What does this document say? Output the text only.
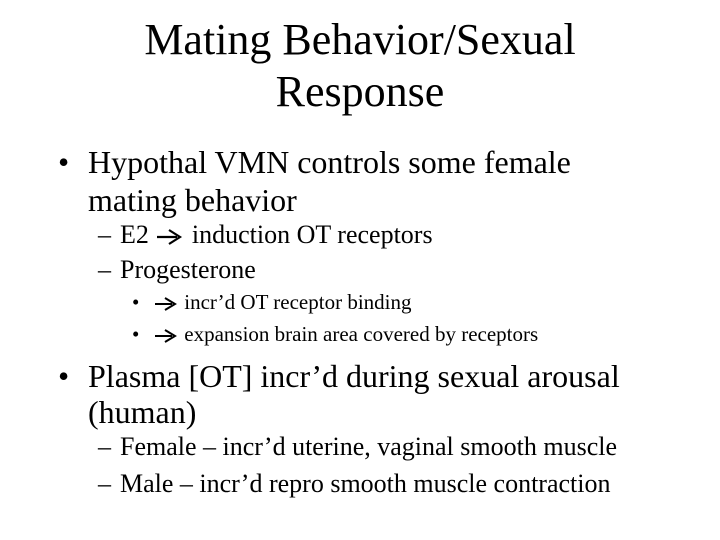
Mating Behavior/Sexual
Response
• Hypothal VMN controls some female
mating behavior
– E2 induction OT receptors
– Progesterone
•	incr’d OT receptor binding
•	expansion brain area covered by receptors
• Plasma [OT] incr’d during sexual arousal
(human)
– Female – incr’d uterine, vaginal smooth muscle
– Male – incr’d repro smooth muscle contraction
